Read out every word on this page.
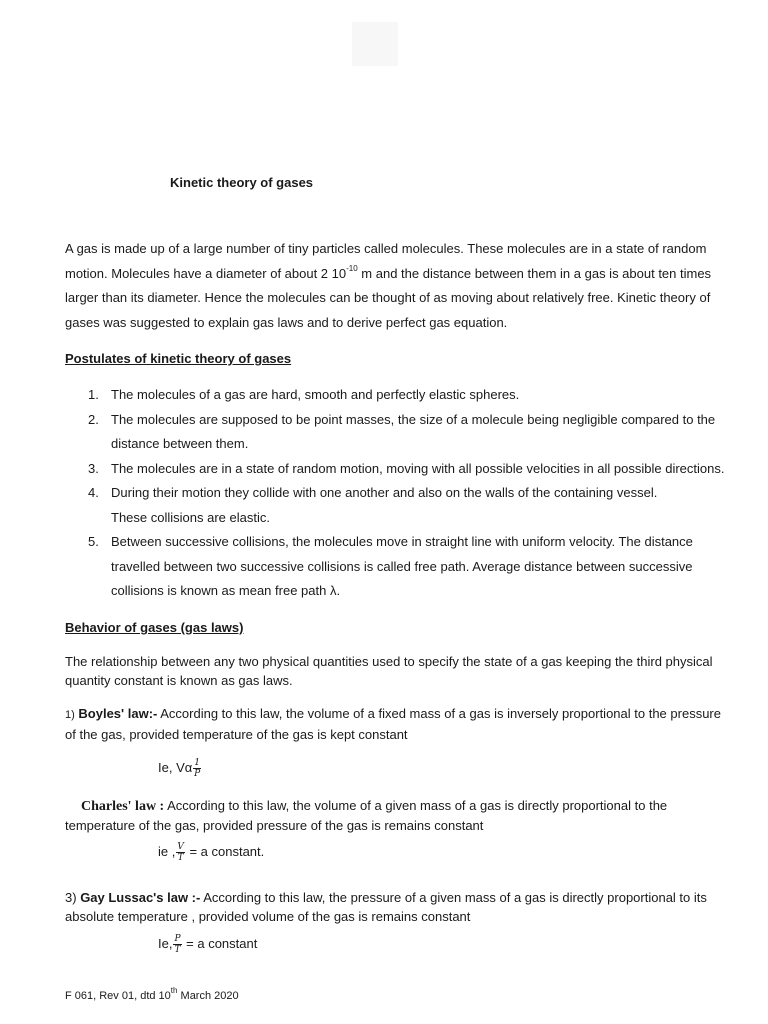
Kinetic theory of gases
A gas is made up of a large number of tiny particles called molecules. These molecules are in a state of random motion. Molecules have a diameter of about 2 $10^{-10}$ m and the distance between them in a gas is about ten times larger than its diameter. Hence the molecules can be thought of as moving about relatively free. Kinetic theory of gases was suggested to explain gas laws and to derive perfect gas equation.
Postulates of kinetic theory of gases
1. The molecules of a gas are hard, smooth and perfectly elastic spheres.
2. The molecules are supposed to be point masses, the size of a molecule being negligible compared to the distance between them.
3. The molecules are in a state of random motion, moving with all possible velocities in all possible directions.
4. During their motion they collide with one another and also on the walls of the containing vessel.
These collisions are elastic.
5. Between successive collisions, the molecules move in straight line with uniform velocity. The distance travelled between two successive collisions is called free path. Average distance between successive collisions is known as mean free path λ.
Behavior of gases (gas laws)
The relationship between any two physical quantities used to specify the state of a gas keeping the third physical quantity constant is known as gas laws.
1) Boyles' law:- According to this law, the volume of a fixed mass of a gas is inversely proportional to the pressure of the gas, provided temperature of the gas is kept constant
Ie, Vα $\frac{1}{P}$
Charles' law : According to this law, the volume of a given mass of a gas is directly proportional to the temperature of the gas, provided pressure of the gas is remains constant
ie , $\frac{V}{T} = a$ constant.
3) Gay Lussac's law :- According to this law, the pressure of a given mass of a gas is directly proportional to its absolute temperature , provided volume of the gas is remains constant
Ie, $\frac{P}{T} = a$ constant
F 061, Rev 01, dtd 10th March 2020
